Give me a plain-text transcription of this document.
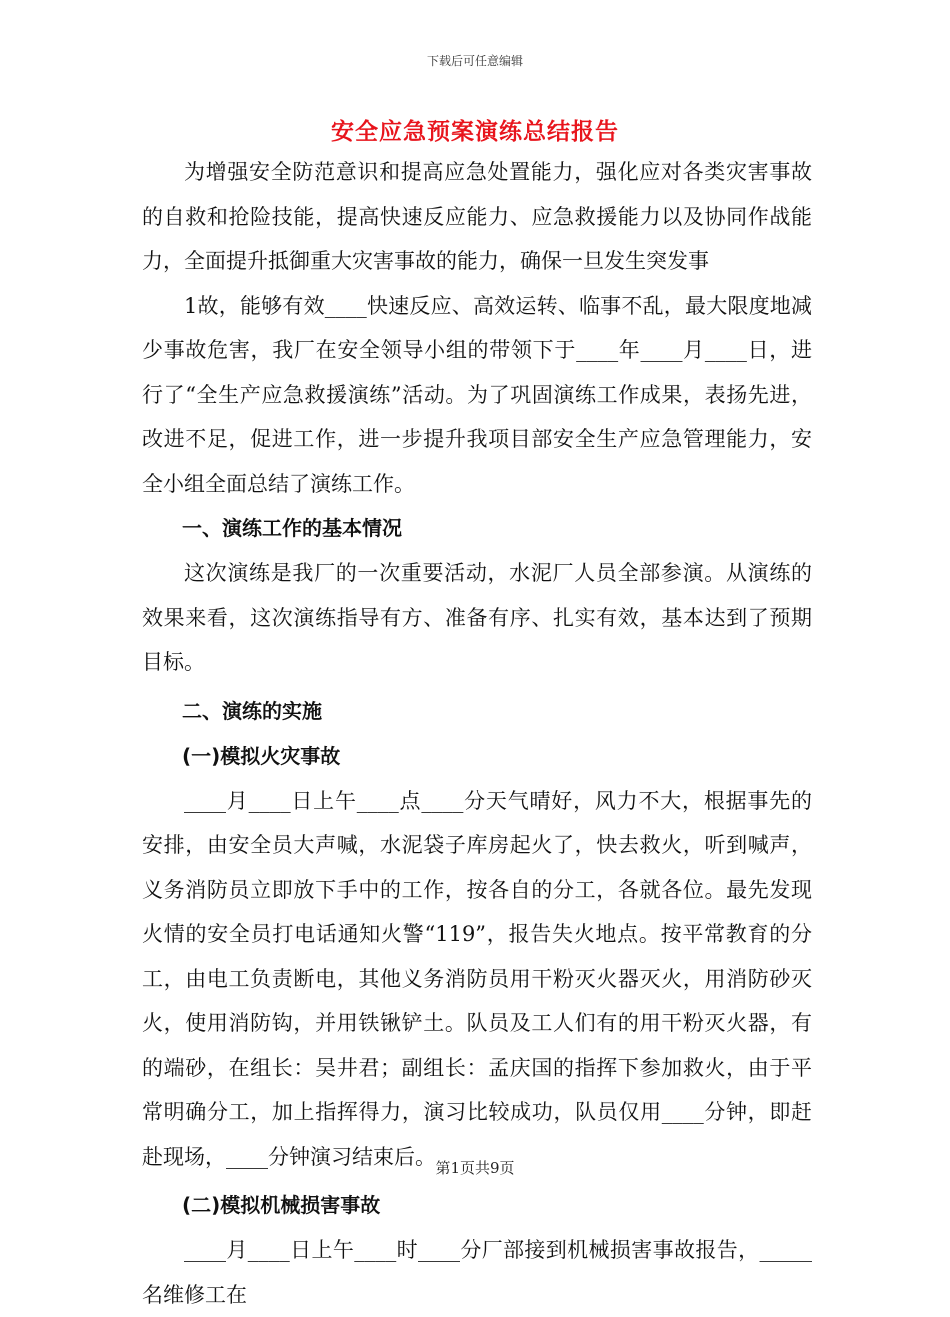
下载后可任意编辑
安全应急预案演练总结报告

为增强安全防范意识和提高应急处置能力，强化应对各类灾害事故的自救和抢险技能，提高快速反应能力、应急救援能力以及协同作战能力，全面提升抵御重大灾害事故的能力，确保一旦发生突发事

1故，能够有效____快速反应、高效运转、临事不乱，最大限度地减少事故危害，我厂在安全领导小组的带领下于____年____月____日，进行了“全生产应急救援演练”活动。为了巩固演练工作成果，表扬先进，改进不足，促进工作，进一步提升我项目部安全生产应急管理能力，安全小组全面总结了演练工作。

一、演练工作的基本情况

这次演练是我厂的一次重要活动，水泥厂人员全部参演。从演练的效果来看，这次演练指导有方、准备有序、扎实有效，基本达到了预期目标。

二、演练的实施

(一)模拟火灾事故

____月____日上午____点____分天气晴好，风力不大，根据事先的安排，由安全员大声喊，水泥袋子库房起火了，快去救火，听到喊声，义务消防员立即放下手中的工作，按各自的分工，各就各位。最先发现火情的安全员打电话通知火警“119”，报告失火地点。按平常教育的分工，由电工负责断电，其他义务消防员用干粉灭火器灭火，用消防砂灭火，使用消防钩，并用铁锹铲土。队员及工人们有的用干粉灭火器，有的端砂，在组长：吴井君；副组长：孟庆国的指挥下参加救火，由于平常明确分工，加上指挥得力，演习比较成功，队员仅用____分钟，即赶赴现场，____分钟演习结束后。

(二)模拟机械损害事故

____月____日上午____时____分厂部接到机械损害事故报告，_____名维修工在

第1页共9页
